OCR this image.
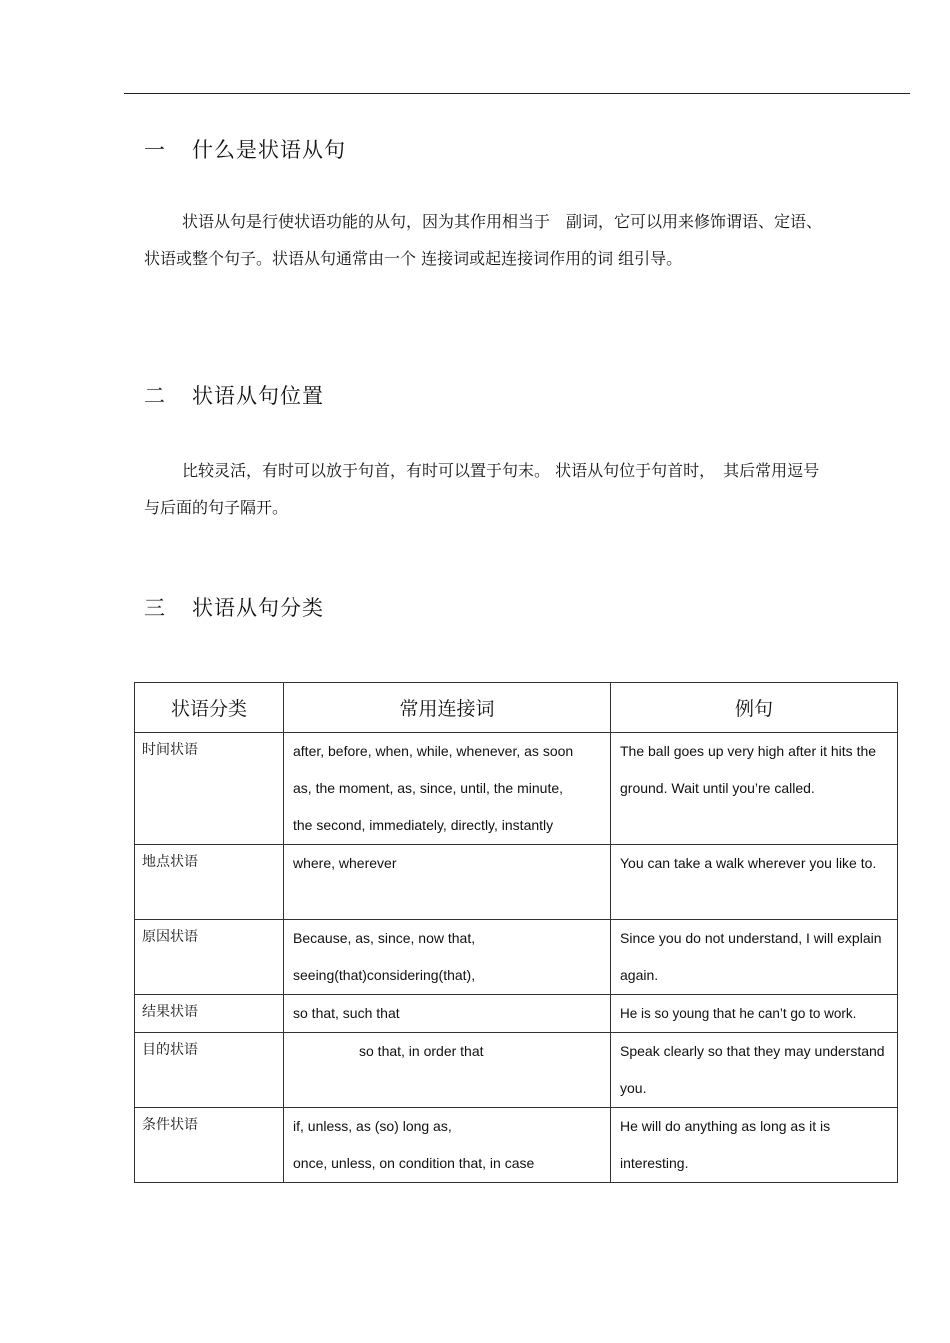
一 什么是状语从句

状语从句是行使状语功能的从句，因为其作用相当于　副词，它可以用来修饰谓语、定语、状语或整个句子。状语从句通常由一个 连接词或起连接词作用的词 组引导。

二 状语从句位置

比较灵活，有时可以放于句首，有时可以置于句末。 状语从句位于句首时，　其后常用逗号与后面的句子隔开。

三 状语从句分类
状语分类	常用连接词	例句
时间状语	after, before, when, while, whenever, as soon
as, the moment, as, since, until, the minute,
the second, immediately, directly, instantly	The ball goes up very high after it hits the ground. Wait until you’re called.
地点状语	where, wherever	You can take a walk wherever you like to.
原因状语	Because, as, since, now that,
seeing(that)considering(that),	Since you do not understand, I will explain again.
结果状语	so that, such that	He is so young that he can’t go to work.
目的状语	so that, in order that	Speak clearly so that they may understand you.
条件状语	if, unless, as (so) long as,
once, unless, on condition that, in case	He will do anything as long as it is interesting.
